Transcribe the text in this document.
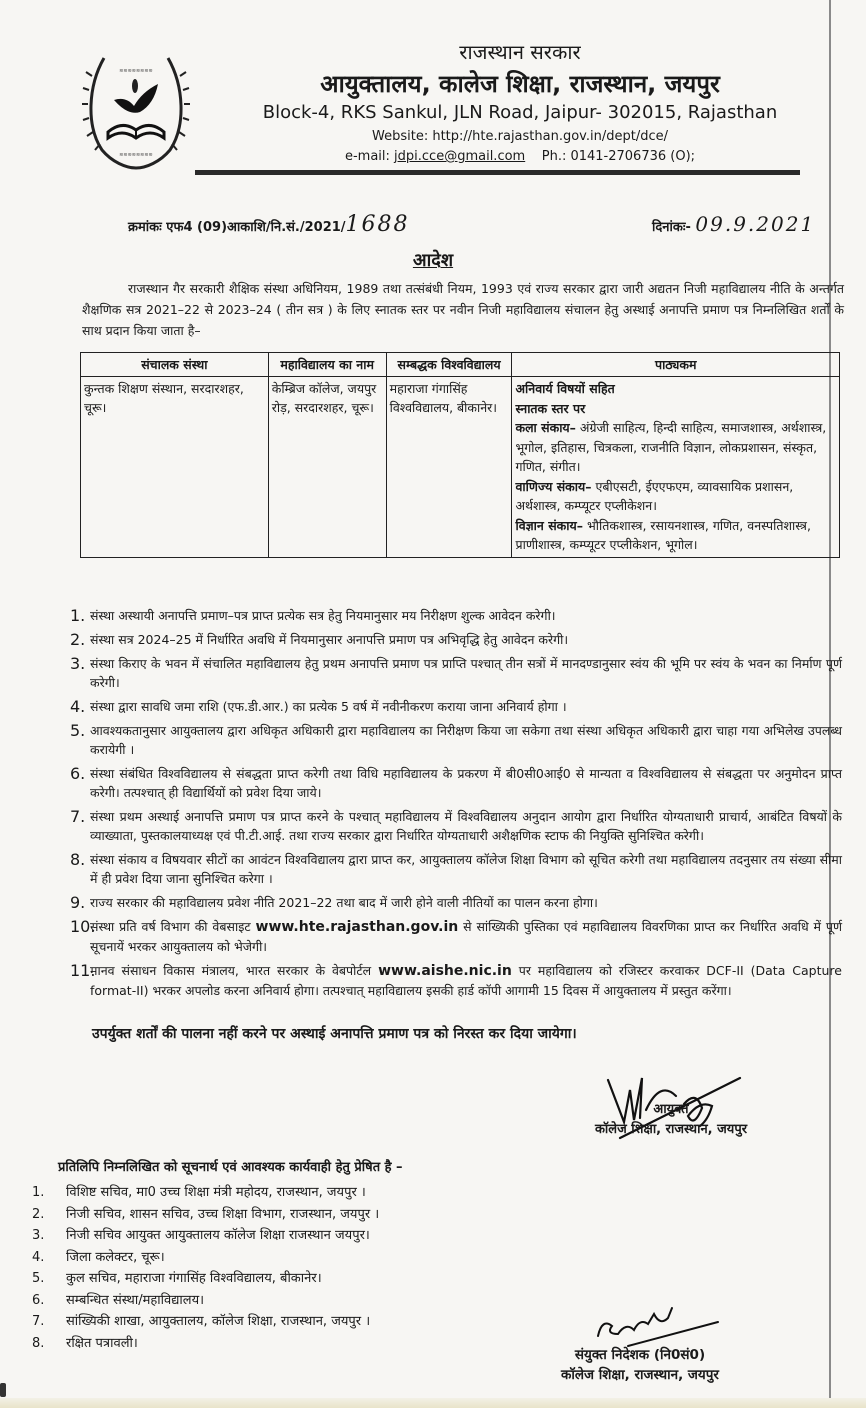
≋≋≋≋≋≋≋≋
≋≋≋≋≋≋≋≋
राजस्थान सरकार
आयुक्तालय, कालेज शिक्षा, राजस्थान, जयपुर
Block-4, RKS Sankul, JLN Road, Jaipur- 302015, Rajasthan
Website: http://hte.rajasthan.gov.in/dept/dce/
e-mail: jdpi.cce@gmail.com Ph.: 0141-2706736 (O);
क्रमांकः एफ4 (09)आकाशि/नि.सं./2021/1688	दिनांकः- 09.9.2021
आदेश
राजस्थान गैर सरकारी शैक्षिक संस्था अधिनियम, 1989 तथा तत्संबंधी नियम, 1993 एवं राज्य सरकार द्वारा जारी अद्यतन निजी महाविद्यालय नीति के अन्तर्गत शैक्षणिक सत्र 2021–22 से 2023–24 ( तीन सत्र ) के लिए स्नातक स्तर पर नवीन निजी महाविद्यालय संचालन हेतु अस्थाई अनापत्ति प्रमाण पत्र निम्नलिखित शर्तों के साथ प्रदान किया जाता है–
संचालक संस्था	महाविद्यालय का नाम	सम्बद्धक विश्वविद्यालय	पाठ्यकम
कुन्तक शिक्षण संस्थान, सरदारशहर, चूरू।	केम्ब्रिज कॉलेज, जयपुर रोड़, सरदारशहर, चूरू।	महाराजा गंगासिंह विश्वविद्यालय, बीकानेर।	अनिवार्य विषयों सहित
स्नातक स्तर पर
कला संकाय– अंग्रेजी साहित्य, हिन्दी साहित्य, समाजशास्त्र, अर्थशास्त्र, भूगोल, इतिहास, चित्रकला, राजनीति विज्ञान, लोकप्रशासन, संस्कृत, गणित, संगीत।
वाणिज्य संकाय– एबीएसटी, ईएएफएम, व्यावसायिक प्रशासन, अर्थशास्त्र, कम्प्यूटर एप्लीकेशन।
विज्ञान संकाय– भौतिकशास्त्र, रसायनशास्त्र, गणित, वनस्पतिशास्त्र, प्राणीशास्त्र, कम्प्यूटर एप्लीकेशन, भूगोल।
1. संस्था अस्थायी अनापत्ति प्रमाण–पत्र प्राप्त प्रत्येक सत्र हेतु नियमानुसार मय निरीक्षण शुल्क आवेदन करेगी।
2. संस्था सत्र 2024–25 में निर्धारित अवधि में नियमानुसार अनापत्ति प्रमाण पत्र अभिवृद्धि हेतु आवेदन करेगी।
3. संस्था किराए के भवन में संचालित महाविद्यालय हेतु प्रथम अनापत्ति प्रमाण पत्र प्राप्ति पश्चात् तीन सत्रों में मानदण्डानुसार स्वंय की भूमि पर स्वंय के भवन का निर्माण पूर्ण करेगी।
4. संस्था द्वारा सावधि जमा राशि (एफ.डी.आर.) का प्रत्येक 5 वर्ष में नवीनीकरण कराया जाना अनिवार्य होगा ।
5. आवश्यकतानुसार आयुक्तालय द्वारा अधिकृत अधिकारी द्वारा महाविद्यालय का निरीक्षण किया जा सकेगा तथा संस्था अधिकृत अधिकारी द्वारा चाहा गया अभिलेख उपलब्ध करायेगी ।
6. संस्था संबंधित विश्वविद्यालय से संबद्धता प्राप्त करेगी तथा विधि महाविद्यालय के प्रकरण में बी0सी0आई0 से मान्यता व विश्वविद्यालय से संबद्धता पर अनुमोदन प्राप्त करेगी। तत्पश्चात् ही विद्यार्थियों को प्रवेश दिया जाये।
7. संस्था प्रथम अस्थाई अनापत्ति प्रमाण पत्र प्राप्त करने के पश्चात् महाविद्यालय में विश्वविद्यालय अनुदान आयोग द्वारा निर्धारित योग्यताधारी प्राचार्य, आबंटित विषयों के व्याख्याता, पुस्तकालयाध्यक्ष एवं पी.टी.आई. तथा राज्य सरकार द्वारा निर्धारित योग्यताधारी अशैक्षणिक स्टाफ की नियुक्ति सुनिश्चित करेगी।
8. संस्था संकाय व विषयवार सीटों का आवंटन विश्वविद्यालय द्वारा प्राप्त कर, आयुक्तालय कॉलेज शिक्षा विभाग को सूचित करेगी तथा महाविद्यालय तदनुसार तय संख्या सीमा में ही प्रवेश दिया जाना सुनिश्चित करेगा ।
9. राज्य सरकार की महाविद्यालय प्रवेश नीति 2021–22 तथा बाद में जारी होने वाली नीतियों का पालन करना होगा।
10.
संस्था प्रति वर्ष विभाग की वेबसाइट www.hte.rajasthan.gov.in से सांख्यिकी पुस्तिका एवं महाविद्यालय विवरणिका प्राप्त कर निर्धारित अवधि में पूर्ण सूचनायें भरकर आयुक्तालय को भेजेगी।
11.
मानव संसाधन विकास मंत्रालय, भारत सरकार के वेबपोर्टल www.aishe.nic.in पर महाविद्यालय को रजिस्टर करवाकर DCF-II (Data Capture format-II) भरकर अपलोड करना अनिवार्य होगा। तत्पश्चात् महाविद्यालय इसकी हार्ड कॉपी आगामी 15 दिवस में आयुक्तालय में प्रस्तुत करेंगा।
उपर्युक्त शर्तों की पालना नहीं करने पर अस्थाई अनापत्ति प्रमाण पत्र को निरस्त कर दिया जायेगा।
आयुक्त
कॉलेज शिक्षा, राजस्थान, जयपुर
प्रतिलिपि निम्नलिखित को सूचनार्थ एवं आवश्यक कार्यवाही हेतु प्रेषित है –
1. विशिष्ट सचिव, मा0 उच्च शिक्षा मंत्री महोदय, राजस्थान, जयपुर ।
2. निजी सचिव, शासन सचिव, उच्च शिक्षा विभाग, राजस्थान, जयपुर ।
3. निजी सचिव आयुक्त आयुक्तालय कॉलेज शिक्षा राजस्थान जयपुर।
4. जिला कलेक्टर, चूरू।
5. कुल सचिव, महाराजा गंगासिंह विश्वविद्यालय, बीकानेर।
6. सम्बन्धित संस्था/महाविद्यालय।
7. सांख्यिकी शाखा, आयुक्तालय, कॉलेज शिक्षा, राजस्थान, जयपुर ।
8. रक्षित पत्रावली।
संयुक्त निदेशक (नि0सं0)
कॉलेज शिक्षा, राजस्थान, जयपुर
